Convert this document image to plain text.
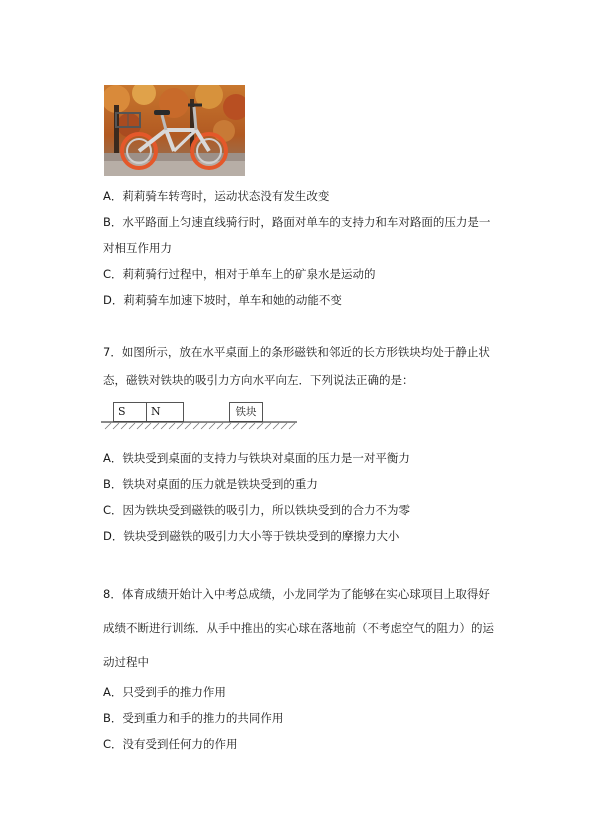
A．莉莉骑车转弯时，运动状态没有发生改变
B．水平路面上匀速直线骑行时，路面对单车的支持力和车对路面的压力是一
对相互作用力
C．莉莉骑行过程中，相对于单车上的矿泉水是运动的
D．莉莉骑车加速下坡时，单车和她的动能不变
7．如图所示，放在水平桌面上的条形磁铁和邻近的长方形铁块均处于静止状
态，磁铁对铁块的吸引力方向水平向左．下列说法正确的是：
S	N	铁块
A．铁块受到桌面的支持力与铁块对桌面的压力是一对平衡力
B．铁块对桌面的压力就是铁块受到的重力
C．因为铁块受到磁铁的吸引力，所以铁块受到的合力不为零
D．铁块受到磁铁的吸引力大小等于铁块受到的摩擦力大小
8．体育成绩开始计入中考总成绩，小龙同学为了能够在实心球项目上取得好
成绩不断进行训练．从手中推出的实心球在落地前（不考虑空气的阻力）的运
动过程中
A．只受到手的推力作用
B．受到重力和手的推力的共同作用
C．没有受到任何力的作用
